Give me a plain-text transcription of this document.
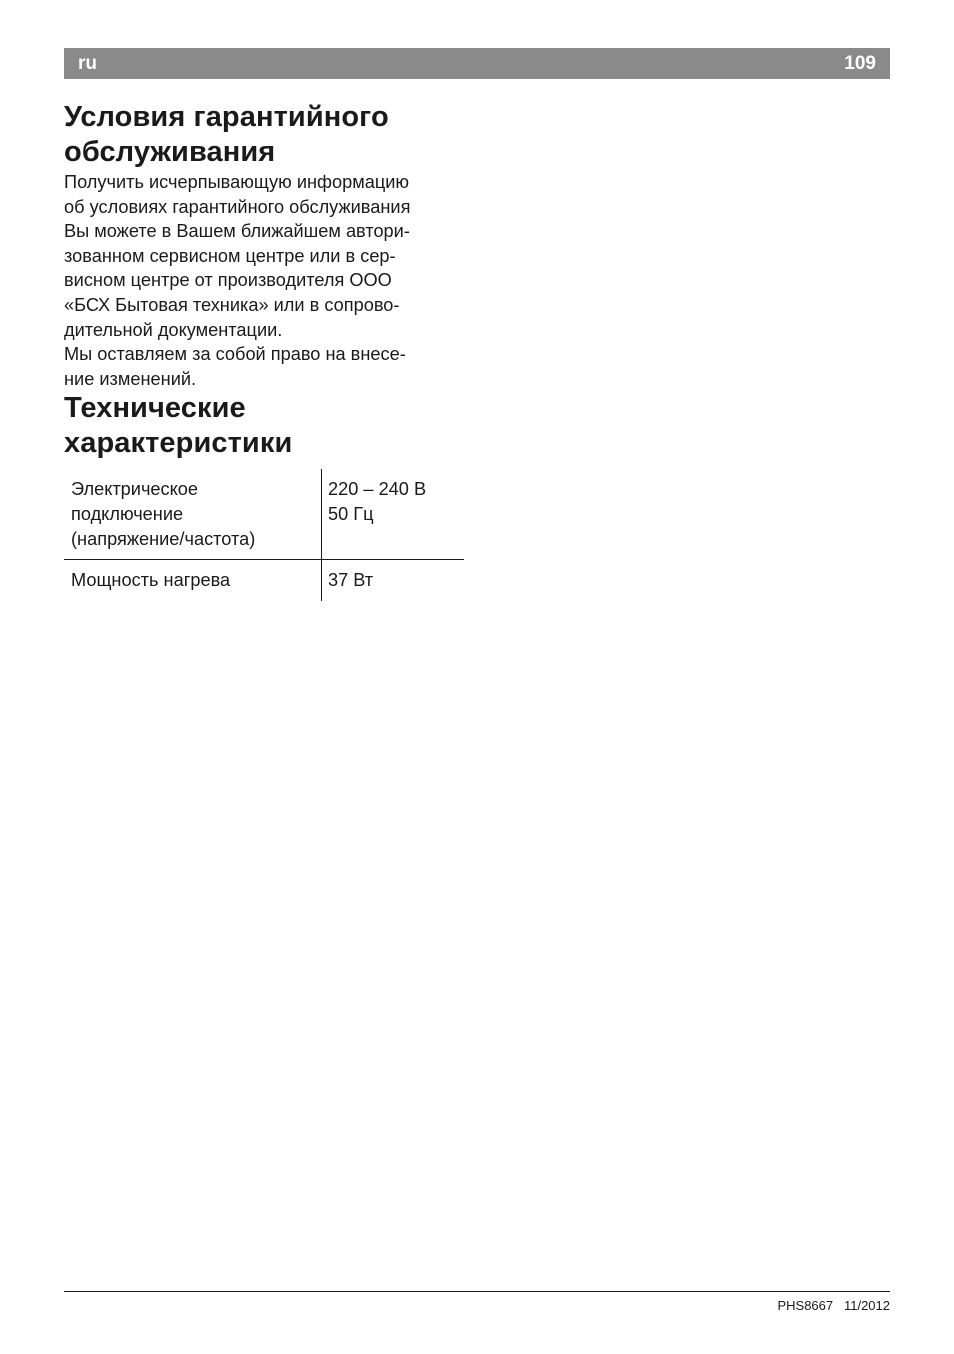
ru	109
Условия гарантийного
обслуживания

Получить исчерпывающую информацию
об условиях гарантийного обслуживания
Вы можете в Вашем ближайшем автори-
зованном сервисном центре или в сер-
висном центре от производителя ООО
«БСХ Бытовая техника» или в сопрово-
дительной документации.

Мы оставляем за собой право на внесе-
ние изменений.

Технические
характеристики
Электрическое
подключение
(напряжение/частота)	220 – 240 В
50 Гц

Мощность нагрева	37 Вт
PHS8667 11/2012
